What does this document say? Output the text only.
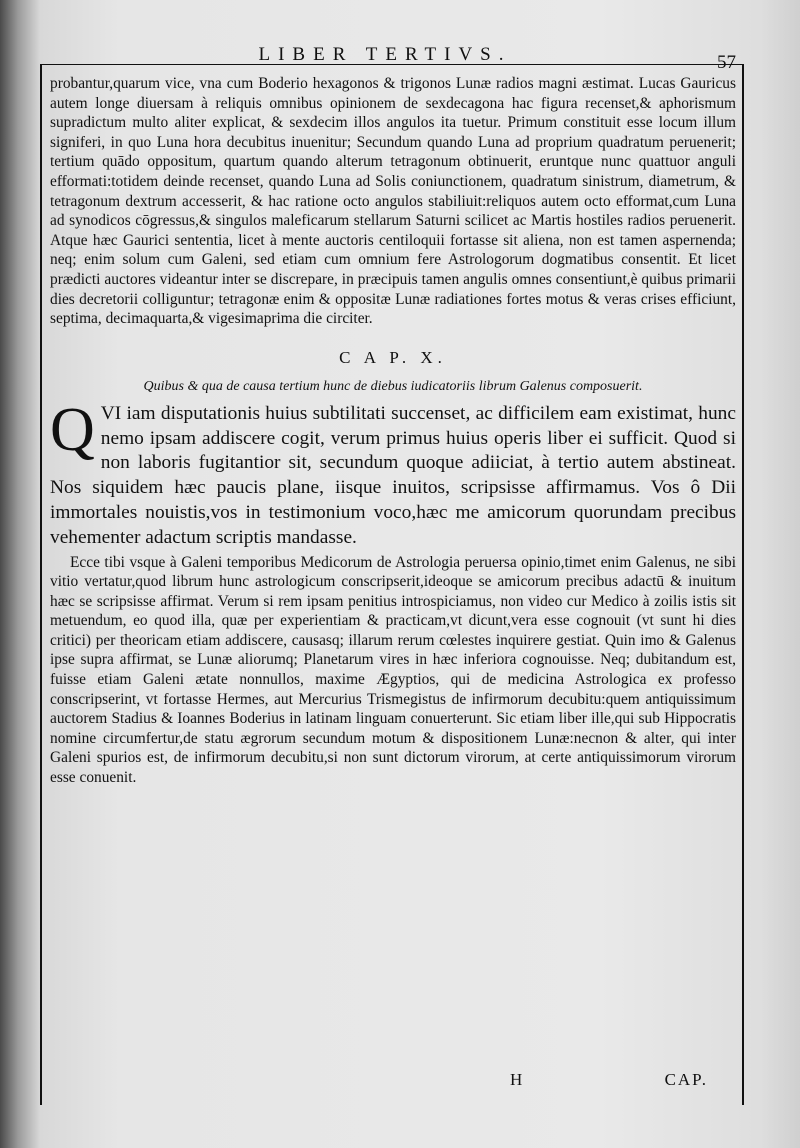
LIBER TERTIVS.	57

probantur,quarum vice, vna cum Boderio hexagonos & trigonos Lunæ radios magni æstimat. Lucas Gauricus autem longe diuersam à reliquis omnibus opinionem de sexdecagona hac figura recenset,& aphorismum supradictum multo aliter explicat, & sexdecim illos angulos ita tuetur. Primum constituit esse locum illum signiferi, in quo Luna hora decubitus inuenitur; Secundum quando Luna ad proprium quadratum peruenerit; tertium quādo oppositum, quartum quando alterum tetragonum obtinuerit, eruntque nunc quattuor anguli efformati:totidem deinde recenset, quando Luna ad Solis coniunctionem, quadratum sinistrum, diametrum, & tetragonum dextrum accesserit, & hac ratione octo angulos stabiliuit:reliquos autem octo efformat,cum Luna ad synodicos cōgressus,& singulos maleficarum stellarum Saturni scilicet ac Martis hostiles radios peruenerit. Atque hæc Gaurici sententia, licet à mente auctoris centiloquii fortasse sit aliena, non est tamen aspernenda; neq; enim solum cum Galeni, sed etiam cum omnium fere Astrologorum dogmatibus consentit. Et licet prædicti auctores videantur inter se discrepare, in præcipuis tamen angulis omnes consentiunt,è quibus primarii dies decretorii colliguntur; tetragonæ enim & oppositæ Lunæ radiationes fortes motus & veras crises efficiunt, septima, decimaquarta,& vigesimaprima die circiter.

C A P. X.
Quibus & qua de causa tertium hunc de diebus iudicatoriis librum Galenus composuerit.

Q VI iam disputationis huius subtilitati succenset, ac difficilem eam existimat, hunc nemo ipsam addiscere cogit, verum primus huius operis liber ei sufficit. Quod si non laboris fugitantior sit, secundum quoque adiiciat, à tertio autem abstineat. Nos siquidem hæc paucis plane, iisque inuitos, scripsisse affirmamus. Vos ô Dii immortales nouistis,vos in testimonium voco,hæc me amicorum quorundam precibus vehementer adactum scriptis mandasse.

Ecce tibi vsque à Galeni temporibus Medicorum de Astrologia peruersa opinio,timet enim Galenus, ne sibi vitio vertatur,quod librum hunc astrologicum conscripserit,ideoque se amicorum precibus adactū & inuitum hæc se scripsisse affirmat. Verum si rem ipsam penitius introspiciamus, non video cur Medico à zoilis istis sit metuendum, eo quod illa, quæ per experientiam & practicam,vt dicunt,vera esse cognouit (vt sunt hi dies critici) per theoricam etiam addiscere, causasq; illarum rerum cœlestes inquirere gestiat. Quin imo & Galenus ipse supra affirmat, se Lunæ aliorumq; Planetarum vires in hæc inferiora cognouisse. Neq; dubitandum est, fuisse etiam Galeni ætate nonnullos, maxime Ægyptios, qui de medicina Astrologica ex professo conscripserint, vt fortasse Hermes, aut Mercurius Trismegistus de infirmorum decubitu:quem antiquissimum auctorem Stadius & Ioannes Boderius in latinam linguam conuerterunt. Sic etiam liber ille,qui sub Hippocratis nomine circumfertur,de statu ægrorum secundum motum & dispositionem Lunæ:necnon & alter, qui inter Galeni spurios est, de infirmorum decubitu,si non sunt dictorum virorum, at certe antiquissimorum virorum esse conuenit.

H	CAP.
